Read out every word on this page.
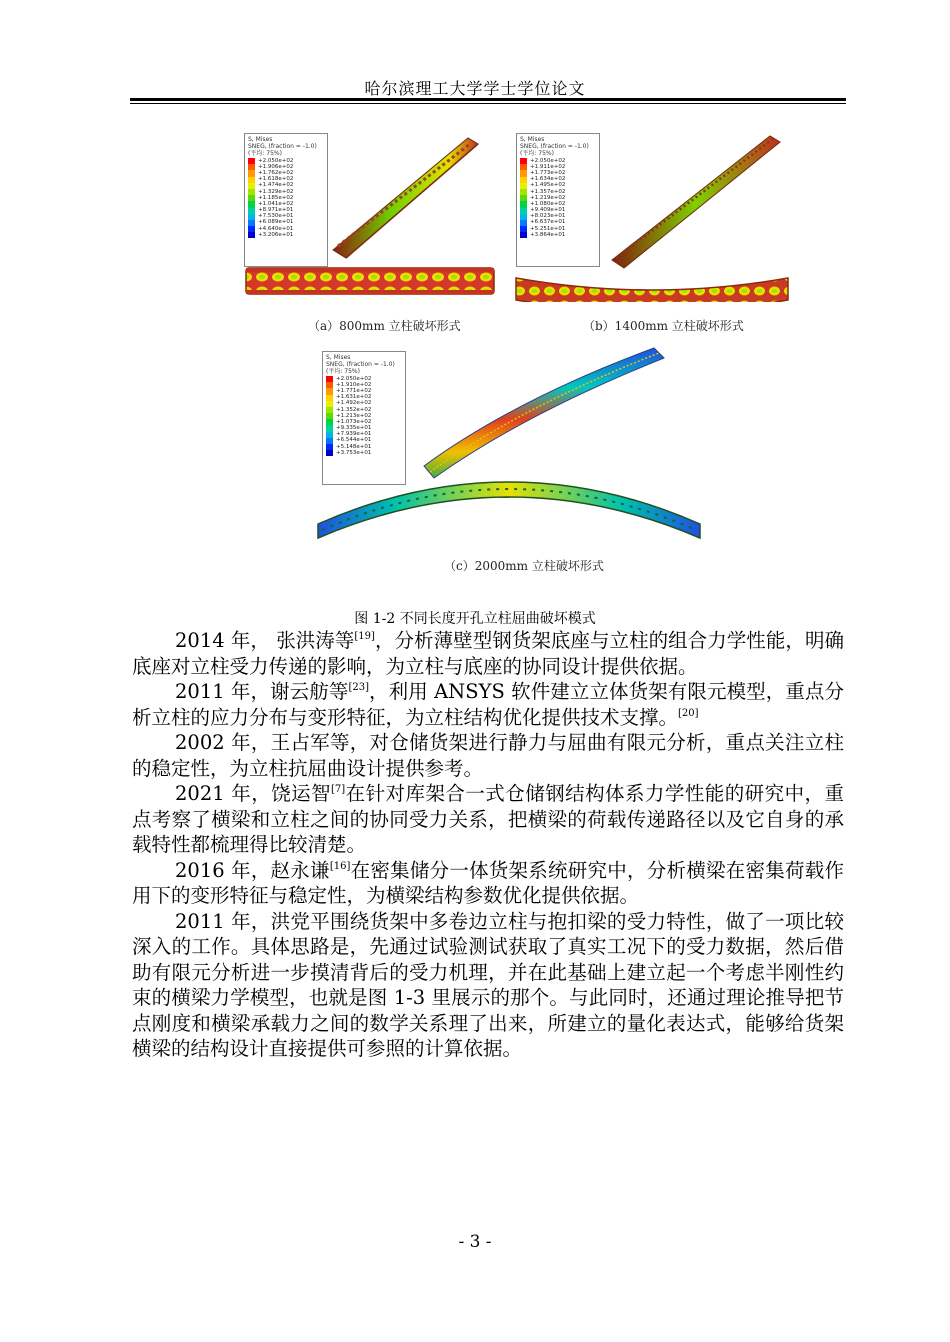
哈尔滨理工大学学士学位论文
S, Mises
SNEG, (fraction = -1.0)
(平均: 75%)
+2.050e+02
+1.906e+02
+1.762e+02
+1.618e+02
+1.474e+02
+1.329e+02
+1.185e+02
+1.041e+02
+8.971e+01
+7.530e+01
+6.089e+01
+4.640e+01
+3.206e+01
（a）800mm 立柱破坏形式
S, Mises
SNEG, (fraction = -1.0)
(平均: 75%)
+2.050e+02
+1.911e+02
+1.773e+02
+1.634e+02
+1.495e+02
+1.357e+02
+1.219e+02
+1.080e+02
+9.409e+01
+8.023e+01
+6.637e+01
+5.251e+01
+3.864e+01
（b）1400mm 立柱破坏形式
S, Mises
SNEG, (fraction = -1.0)
(平均: 75%)
+2.050e+02
+1.910e+02
+1.771e+02
+1.631e+02
+1.492e+02
+1.352e+02
+1.213e+02
+1.073e+02
+9.335e+01
+7.939e+01
+6.544e+01
+5.148e+01
+3.753e+01
（c）2000mm 立柱破坏形式
图 1-2 不同长度开孔立柱屈曲破坏模式

2014 年， 张洪涛等[19]，分析薄壁型钢货架底座与立柱的组合力学性能，明确底座对立柱受力传递的影响，为立柱与底座的协同设计提供依据。

2011 年，谢云舫等[23]，利用 ANSYS 软件建立立体货架有限元模型，重点分析立柱的应力分布与变形特征，为立柱结构优化提供技术支撑。[20]

2002 年，王占军等，对仓储货架进行静力与屈曲有限元分析，重点关注立柱的稳定性，为立柱抗屈曲设计提供参考。

2021 年，饶运智[7]在针对库架合一式仓储钢结构体系力学性能的研究中，重点考察了横梁和立柱之间的协同受力关系，把横梁的荷载传递路径以及它自身的承载特性都梳理得比较清楚。

2016 年，赵永谦[16]在密集储分一体货架系统研究中，分析横梁在密集荷载作用下的变形特征与稳定性，为横梁结构参数优化提供依据。

2011 年，洪党平围绕货架中多卷边立柱与抱扣梁的受力特性，做了一项比较深入的工作。具体思路是，先通过试验测试获取了真实工况下的受力数据，然后借助有限元分析进一步摸清背后的受力机理，并在此基础上建立起一个考虑半刚性约束的横梁力学模型，也就是图 1-3 里展示的那个。与此同时，还通过理论推导把节点刚度和横梁承载力之间的数学关系理了出来，所建立的量化表达式，能够给货架横梁的结构设计直接提供可参照的计算依据。

- 3 -
